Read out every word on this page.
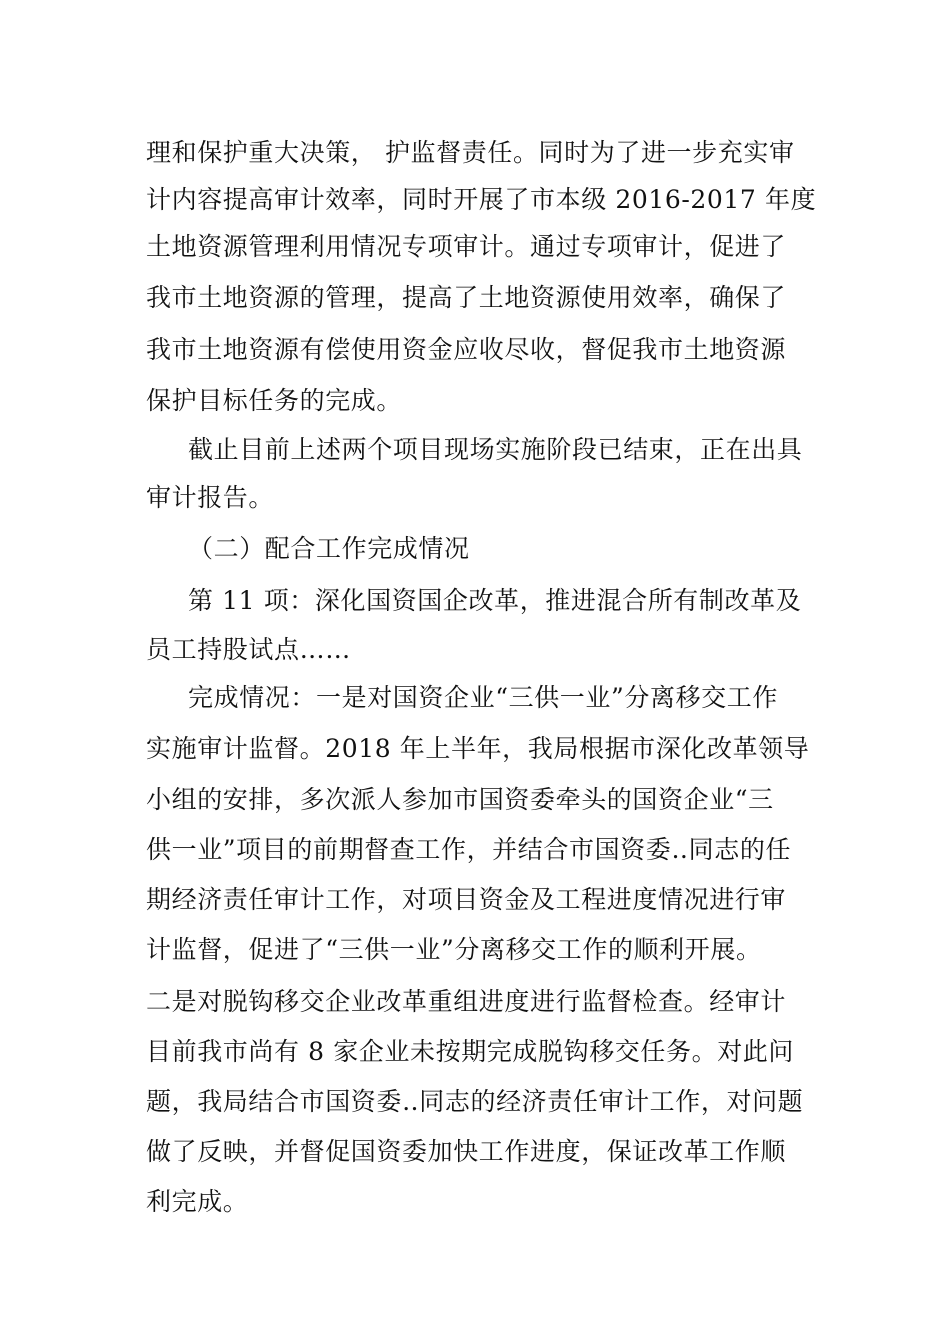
理和保护重大决策， 护监督责任。同时为了进一步充实审
计内容提高审计效率，同时开展了市本级 2016-2017 年度
土地资源管理利用情况专项审计。通过专项审计，促进了
我市土地资源的管理，提高了土地资源使用效率，确保了
我市土地资源有偿使用资金应收尽收，督促我市土地资源
保护目标任务的完成。
截止目前上述两个项目现场实施阶段已结束，正在出具
审计报告。
（二）配合工作完成情况
第 11 项：深化国资国企改革，推进混合所有制改革及
员工持股试点……
完成情况：一是对国资企业“三供一业”分离移交工作
实施审计监督。2018 年上半年，我局根据市深化改革领导
小组的安排，多次派人参加市国资委牵头的国资企业“三
供一业”项目的前期督查工作，并结合市国资委‥同志的任
期经济责任审计工作，对项目资金及工程进度情况进行审
计监督，促进了“三供一业”分离移交工作的顺利开展。
二是对脱钩移交企业改革重组进度进行监督检查。经审计
目前我市尚有 8 家企业未按期完成脱钩移交任务。对此问
题，我局结合市国资委‥同志的经济责任审计工作，对问题
做了反映，并督促国资委加快工作进度，保证改革工作顺
利完成。
